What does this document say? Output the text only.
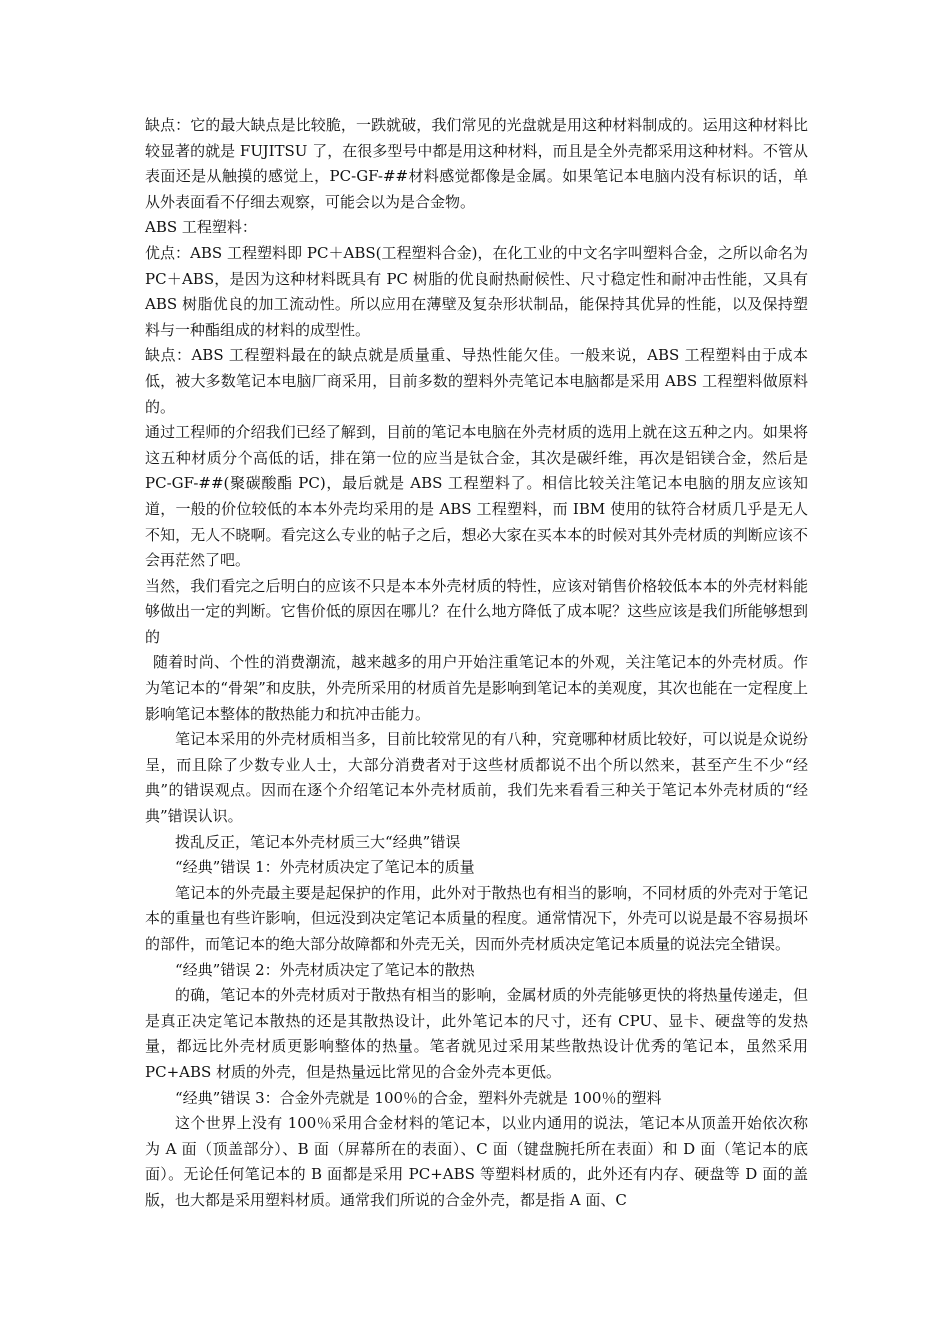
缺点：它的最大缺点是比较脆，一跌就破，我们常见的光盘就是用这种材料制成的。运用这种材料比较显著的就是 FUJITSU 了，在很多型号中都是用这种材料，而且是全外壳都采用这种材料。不管从表面还是从触摸的感觉上，PC-GF-##材料感觉都像是金属。如果笔记本电脑内没有标识的话，单从外表面看不仔细去观察，可能会以为是合金物。

ABS 工程塑料：

优点：ABS 工程塑料即 PC＋ABS(工程塑料合金)，在化工业的中文名字叫塑料合金，之所以命名为 PC＋ABS，是因为这种材料既具有 PC 树脂的优良耐热耐候性、尺寸稳定性和耐冲击性能，又具有 ABS 树脂优良的加工流动性。所以应用在薄壁及复杂形状制品，能保持其优异的性能，以及保持塑料与一种酯组成的材料的成型性。

缺点：ABS 工程塑料最在的缺点就是质量重、导热性能欠佳。一般来说，ABS 工程塑料由于成本低，被大多数笔记本电脑厂商采用，目前多数的塑料外壳笔记本电脑都是采用 ABS 工程塑料做原料的。

通过工程师的介绍我们已经了解到，目前的笔记本电脑在外壳材质的选用上就在这五种之内。如果将这五种材质分个高低的话，排在第一位的应当是钛合金，其次是碳纤维，再次是铝镁合金，然后是 PC-GF-##(聚碳酸酯 PC)，最后就是 ABS 工程塑料了。相信比较关注笔记本电脑的朋友应该知道，一般的价位较低的本本外壳均采用的是 ABS 工程塑料，而 IBM 使用的钛符合材质几乎是无人不知，无人不晓啊。看完这么专业的帖子之后，想必大家在买本本的时候对其外壳材质的判断应该不会再茫然了吧。

当然，我们看完之后明白的应该不只是本本外壳材质的特性，应该对销售价格较低本本的外壳材料能够做出一定的判断。它售价低的原因在哪儿？在什么地方降低了成本呢？这些应该是我们所能够想到的

随着时尚、个性的消费潮流，越来越多的用户开始注重笔记本的外观，关注笔记本的外壳材质。作为笔记本的“骨架”和皮肤，外壳所采用的材质首先是影响到笔记本的美观度，其次也能在一定程度上影响笔记本整体的散热能力和抗冲击能力。

笔记本采用的外壳材质相当多，目前比较常见的有八种，究竟哪种材质比较好，可以说是众说纷呈，而且除了少数专业人士，大部分消费者对于这些材质都说不出个所以然来，甚至产生不少“经典”的错误观点。因而在逐个介绍笔记本外壳材质前，我们先来看看三种关于笔记本外壳材质的“经典”错误认识。

拨乱反正，笔记本外壳材质三大“经典”错误

“经典”错误 1：外壳材质决定了笔记本的质量

笔记本的外壳最主要是起保护的作用，此外对于散热也有相当的影响，不同材质的外壳对于笔记本的重量也有些许影响，但远没到决定笔记本质量的程度。通常情况下，外壳可以说是最不容易损坏的部件，而笔记本的绝大部分故障都和外壳无关，因而外壳材质决定笔记本质量的说法完全错误。

“经典”错误 2：外壳材质决定了笔记本的散热

的确，笔记本的外壳材质对于散热有相当的影响，金属材质的外壳能够更快的将热量传递走，但是真正决定笔记本散热的还是其散热设计，此外笔记本的尺寸，还有 CPU、显卡、硬盘等的发热量，都远比外壳材质更影响整体的热量。笔者就见过采用某些散热设计优秀的笔记本，虽然采用 PC+ABS 材质的外壳，但是热量远比常见的合金外壳本更低。

“经典”错误 3：合金外壳就是 100％的合金，塑料外壳就是 100％的塑料

这个世界上没有 100％采用合金材料的笔记本，以业内通用的说法，笔记本从顶盖开始依次称为 A 面（顶盖部分）、B 面（屏幕所在的表面）、C 面（键盘腕托所在表面）和 D 面（笔记本的底面）。无论任何笔记本的 B 面都是采用 PC+ABS 等塑料材质的，此外还有内存、硬盘等 D 面的盖版，也大都是采用塑料材质。通常我们所说的合金外壳，都是指 A 面、C
